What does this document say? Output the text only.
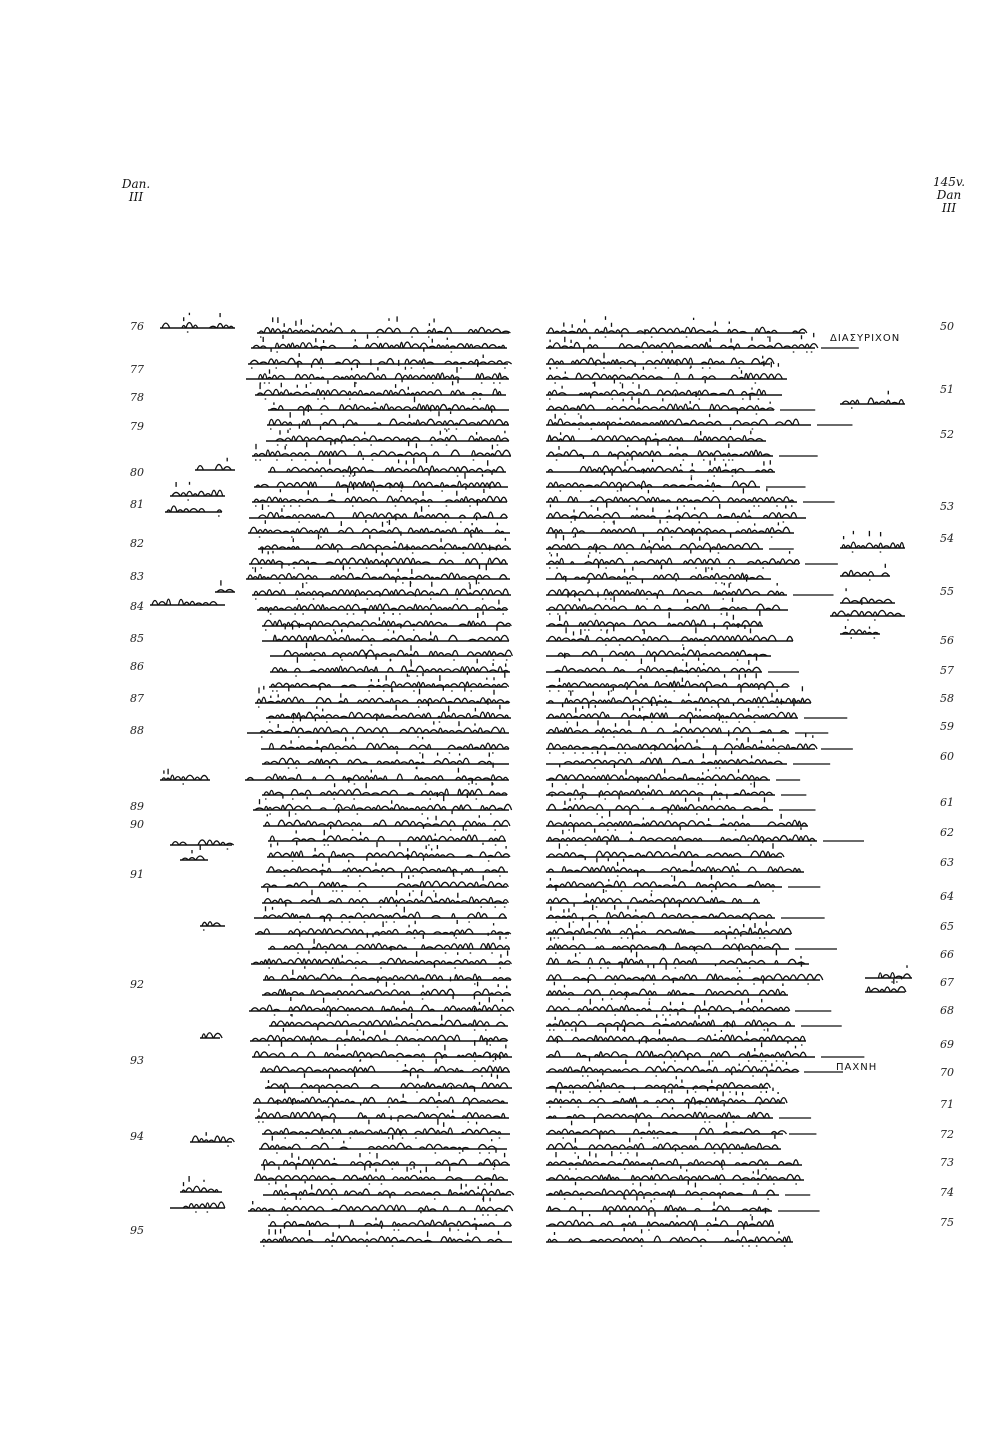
Dan.
III
145v.
Dan
III
76
77
78
79
80
81
82
83
84
85
86
87
88
89
90
91
92
93
94
95
50
51
52
53
54
55
56
57
58
59
60
61
62
63
64
65
66
67
68
69
70
71
72
73
74
75
ΔΙΑΣΥΡΙΧΟΝ
ΠΑΧΝΗ
